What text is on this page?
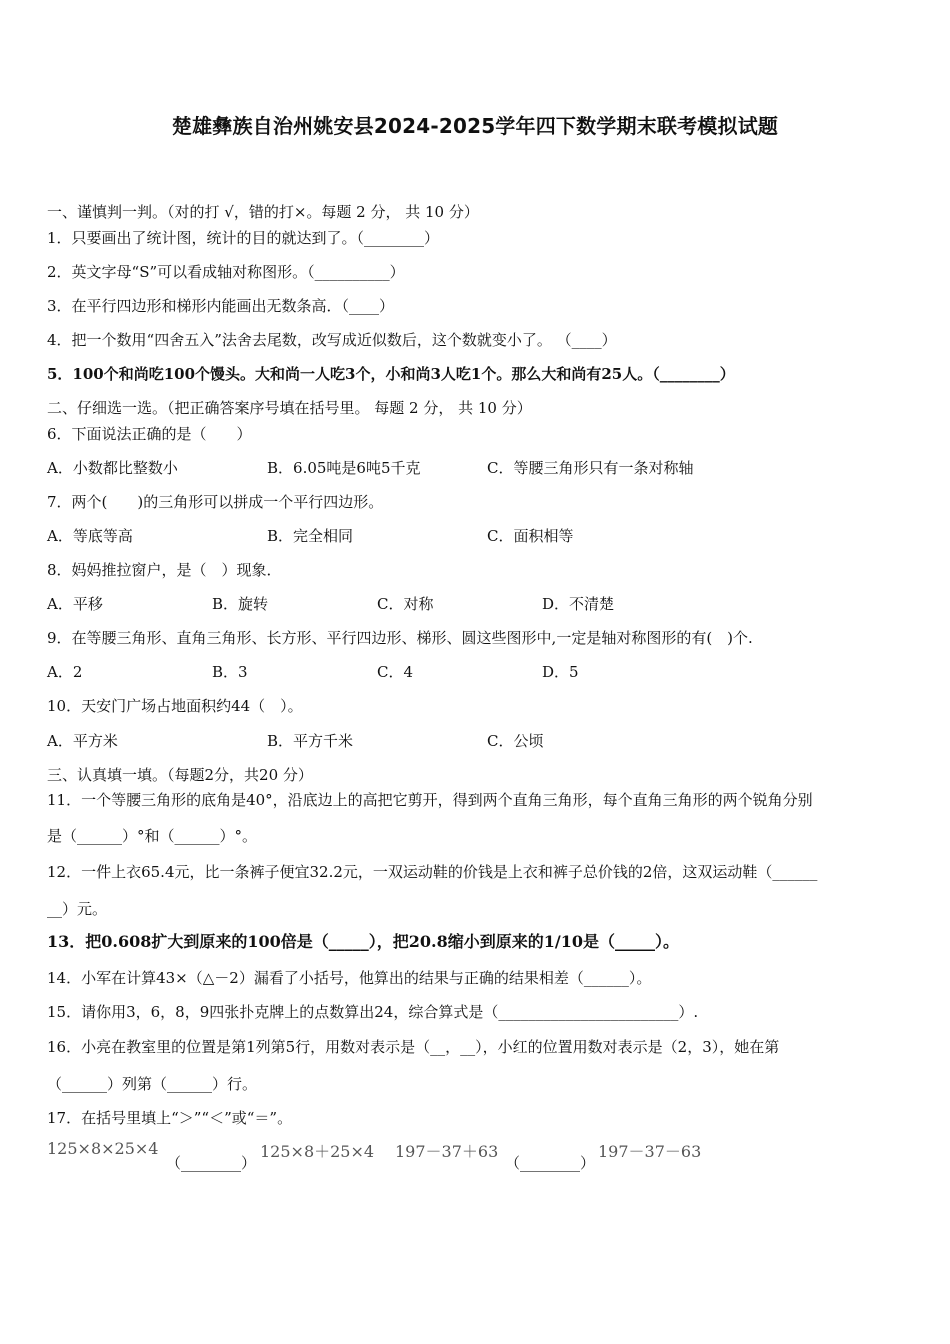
楚雄彝族自治州姚安县2024-2025学年四下数学期末联考模拟试题
一、谨慎判一判。（对的打 √，错的打×。每题 2 分， 共 10 分）
1．只要画出了统计图，统计的目的就达到了。（________）
2．英文字母“S”可以看成轴对称图形。（__________）
3．在平行四边形和梯形内能画出无数条高．（____）
4．把一个数用“四舍五入”法舍去尾数，改写成近似数后，这个数就变小了。 （____）
5．100个和尚吃100个馒头。大和尚一人吃3个，小和尚3人吃1个。那么大和尚有25人。（________）
二、仔细选一选。（把正确答案序号填在括号里。 每题 2 分， 共 10 分）
6．下面说法正确的是（　　）
A．小数都比整数小	B．6.05吨是6吨5千克	C．等腰三角形只有一条对称轴
7．两个(　　)的三角形可以拼成一个平行四边形。
A．等底等高	B．完全相同	C．面积相等
8．妈妈推拉窗户，是（　）现象．
A．平移	B．旋转	C．对称	D．不清楚
9．在等腰三角形、直角三角形、长方形、平行四边形、梯形、圆这些图形中,一定是轴对称图形的有(　)个.
A．2	B．3	C．4	D．5
10．天安门广场占地面积约44（　）。
A．平方米	B．平方千米	C．公顷
三、认真填一填。（每题2分，共20 分）
11．一个等腰三角形的底角是40°，沿底边上的高把它剪开，得到两个直角三角形，每个直角三角形的两个锐角分别
是（______）°和（______）°。
12．一件上衣65.4元，比一条裤子便宜32.2元，一双运动鞋的价钱是上衣和裤子总价钱的2倍，这双运动鞋（______
__）元。
13．把0.608扩大到原来的100倍是（_____），把20.8缩小到原来的1/10是（_____）。
14．小军在计算43×（△－2）漏看了小括号，他算出的结果与正确的结果相差（______）。
15．请你用3，6，8，9四张扑克牌上的点数算出24，综合算式是（________________________）.
16．小亮在教室里的位置是第1列第5行，用数对表示是（__，__），小红的位置用数对表示是（2，3），她在第
（______）列第（______）行。
17．在括号里填上“＞”“＜”或“＝”。
125×8×25×4
（________）
125×8＋25×4 197－37＋63
（________）
197－37－63
